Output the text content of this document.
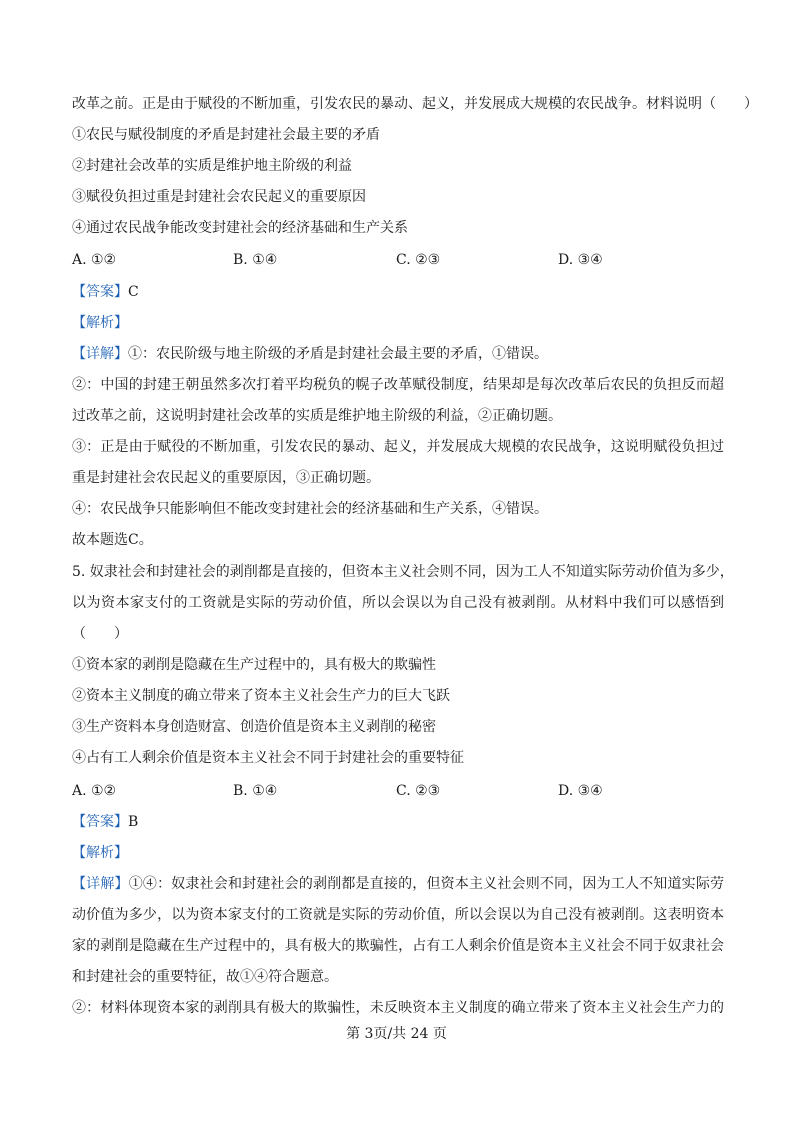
改革之前。正是由于赋役的不断加重，引发农民的暴动、起义，并发展成大规模的农民战争。材料说明（　　）
①农民与赋役制度的矛盾是封建社会最主要的矛盾
②封建社会改革的实质是维护地主阶级的利益
③赋役负担过重是封建社会农民起义的重要原因
④通过农民战争能改变封建社会的经济基础和生产关系
A. ①②	B. ①④	C. ②③	D. ③④
【答案】C
【解析】
【详解】①：农民阶级与地主阶级的矛盾是封建社会最主要的矛盾，①错误。
②：中国的封建王朝虽然多次打着平均税负的幌子改革赋役制度，结果却是每次改革后农民的负担反而超
过改革之前，这说明封建社会改革的实质是维护地主阶级的利益，②正确切题。
③：正是由于赋役的不断加重，引发农民的暴动、起义，并发展成大规模的农民战争，这说明赋役负担过
重是封建社会农民起义的重要原因，③正确切题。
④：农民战争只能影响但不能改变封建社会的经济基础和生产关系，④错误。
故本题选C。
5. 奴隶社会和封建社会的剥削都是直接的，但资本主义社会则不同，因为工人不知道实际劳动价值为多少，
以为资本家支付的工资就是实际的劳动价值，所以会误以为自己没有被剥削。从材料中我们可以感悟到
（　　）
①资本家的剥削是隐藏在生产过程中的，具有极大的欺骗性
②资本主义制度的确立带来了资本主义社会生产力的巨大飞跃
③生产资料本身创造财富、创造价值是资本主义剥削的秘密
④占有工人剩余价值是资本主义社会不同于封建社会的重要特征
A. ①②	B. ①④	C. ②③	D. ③④
【答案】B
【解析】
【详解】①④：奴隶社会和封建社会的剥削都是直接的，但资本主义社会则不同，因为工人不知道实际劳
动价值为多少，以为资本家支付的工资就是实际的劳动价值，所以会误以为自己没有被剥削。这表明资本
家的剥削是隐藏在生产过程中的，具有极大的欺骗性，占有工人剩余价值是资本主义社会不同于奴隶社会
和封建社会的重要特征，故①④符合题意。
②：材料体现资本家的剥削具有极大的欺骗性，未反映资本主义制度的确立带来了资本主义社会生产力的
第 3页/共 24 页
